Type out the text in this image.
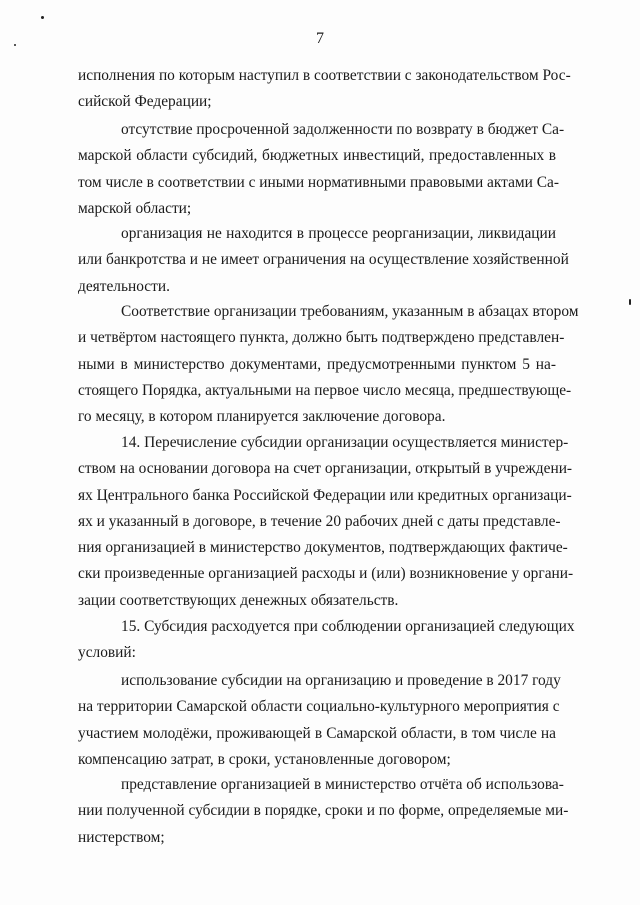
7
исполнения по которым наступил в соответствии с законодательством Рос-
сийской Федерации;
отсутствие просроченной задолженности по возврату в бюджет Са-
марской области субсидий, бюджетных инвестиций, предоставленных в
том числе в соответствии с иными нормативными правовыми актами Са-
марской области;
организация не находится в процессе реорганизации, ликвидации
или банкротства и не имеет ограничения на осуществление хозяйственной
деятельности.
Соответствие организации требованиям, указанным в абзацах втором
и четвёртом настоящего пункта, должно быть подтверждено представлен-
ными в министерство документами, предусмотренными пунктом 5 на-
стоящего Порядка, актуальными на первое число месяца, предшествующе-
го месяцу, в котором планируется заключение договора.
14. Перечисление субсидии организации осуществляется министер-
ством на основании договора на счет организации, открытый в учреждени-
ях Центрального банка Российской Федерации или кредитных организаци-
ях и указанный в договоре, в течение 20 рабочих дней с даты представле-
ния организацией в министерство документов, подтверждающих фактиче-
ски произведенные организацией расходы и (или) возникновение у органи-
зации соответствующих денежных обязательств.
15. Субсидия расходуется при соблюдении организацией следующих
условий:
использование субсидии на организацию и проведение в 2017 году
на территории Самарской области социально-культурного мероприятия с
участием молодёжи, проживающей в Самарской области, в том числе на
компенсацию затрат, в сроки, установленные договором;
представление организацией в министерство отчёта об использова-
нии полученной субсидии в порядке, сроки и по форме, определяемые ми-
нистерством;
